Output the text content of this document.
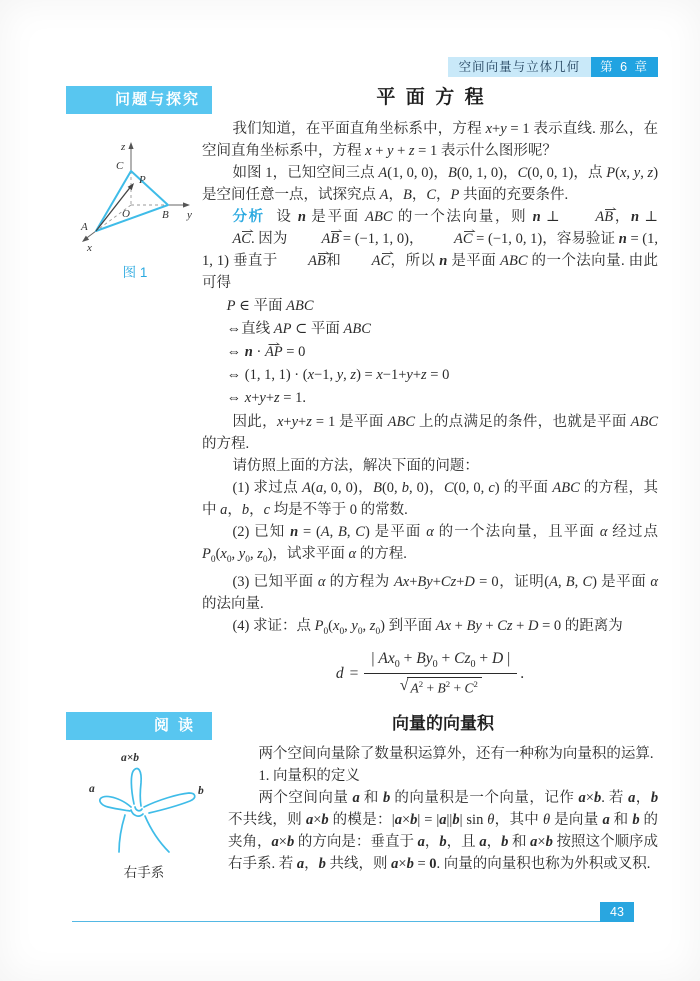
空间向量与立体几何	第 6 章
问题与探究
z
C
P
O
A
B y
x
图 1
平面方程

我们知道，在平面直角坐标系中，方程 x+y = 1 表示直线. 那么，在空间直角坐标系中，方程 x + y + z = 1 表示什么图形呢？

如图 1，已知空间三点 A(1, 0, 0)，B(0, 1, 0)，C(0, 0, 1)，点 P(x, y, z)是空间任意一点，试探究点 A，B，C，P 共面的充要条件.

分析 设 n 是平面 ABC 的一个法向量，则 n ⊥ ⇀ AB，n ⊥ ⇀ AC. 因为 ⇀ AB = (−1, 1, 0)， ⇀ AC = (−1, 0, 1)，容易验证 n = (1, 1, 1) 垂直于 ⇀ AB和 ⇀ AC，所以 n 是平面 ABC 的一个法向量. 由此可得

P ∈ 平面 ABC
⇔直线 AP ⊂ 平面 ABC
⇔ n · ⇀ AP = 0
⇔ (1, 1, 1) · (x−1, y, z) = x−1+y+z = 0
⇔ x+y+z = 1.

因此，x+y+z = 1 是平面 ABC 上的点满足的条件，也就是平面 ABC 的方程.

请仿照上面的方法，解决下面的问题：

(1) 求过点 A(a, 0, 0)，B(0, b, 0)，C(0, 0, c) 的平面 ABC 的方程，其中 a，b，c 均是不等于 0 的常数.

(2) 已知 n = (A, B, C) 是平面 α 的一个法向量，且平面 α 经过点 $P_0(x_0$, $y_0$, $z_0$)，试求平面 α 的方程.

(3) 已知平面 α 的方程为 Ax+By+Cz+D = 0，证明(A, B, C) 是平面 α 的法向量.

(4) 求证：点 $P_0(x_0$, $y_0$, $z_0$) 到平面 Ax + By + Cz + D = 0 的距离为

$d = \frac{| Ax_0 + By_0 + Cz_0 + D |}{√ A^2 + B^2 + C^2}$ .
阅读
a×b
a	b
右手系
向量的向量积

两个空间向量除了数量积运算外，还有一种称为向量积的运算.

1. 向量积的定义

两个空间向量 a 和 b 的向量积是一个向量，记作 a×b. 若 a，b 不共线，则 a×b 的模是：|a×b| = |a||b| sin θ，其中 θ 是向量 a 和 b 的夹角，a×b 的方向是：垂直于 a，b，且 a，b 和 a×b 按照这个顺序成右手系. 若 a，b 共线，则 a×b = 0. 向量的向量积也称为外积或叉积.

43
